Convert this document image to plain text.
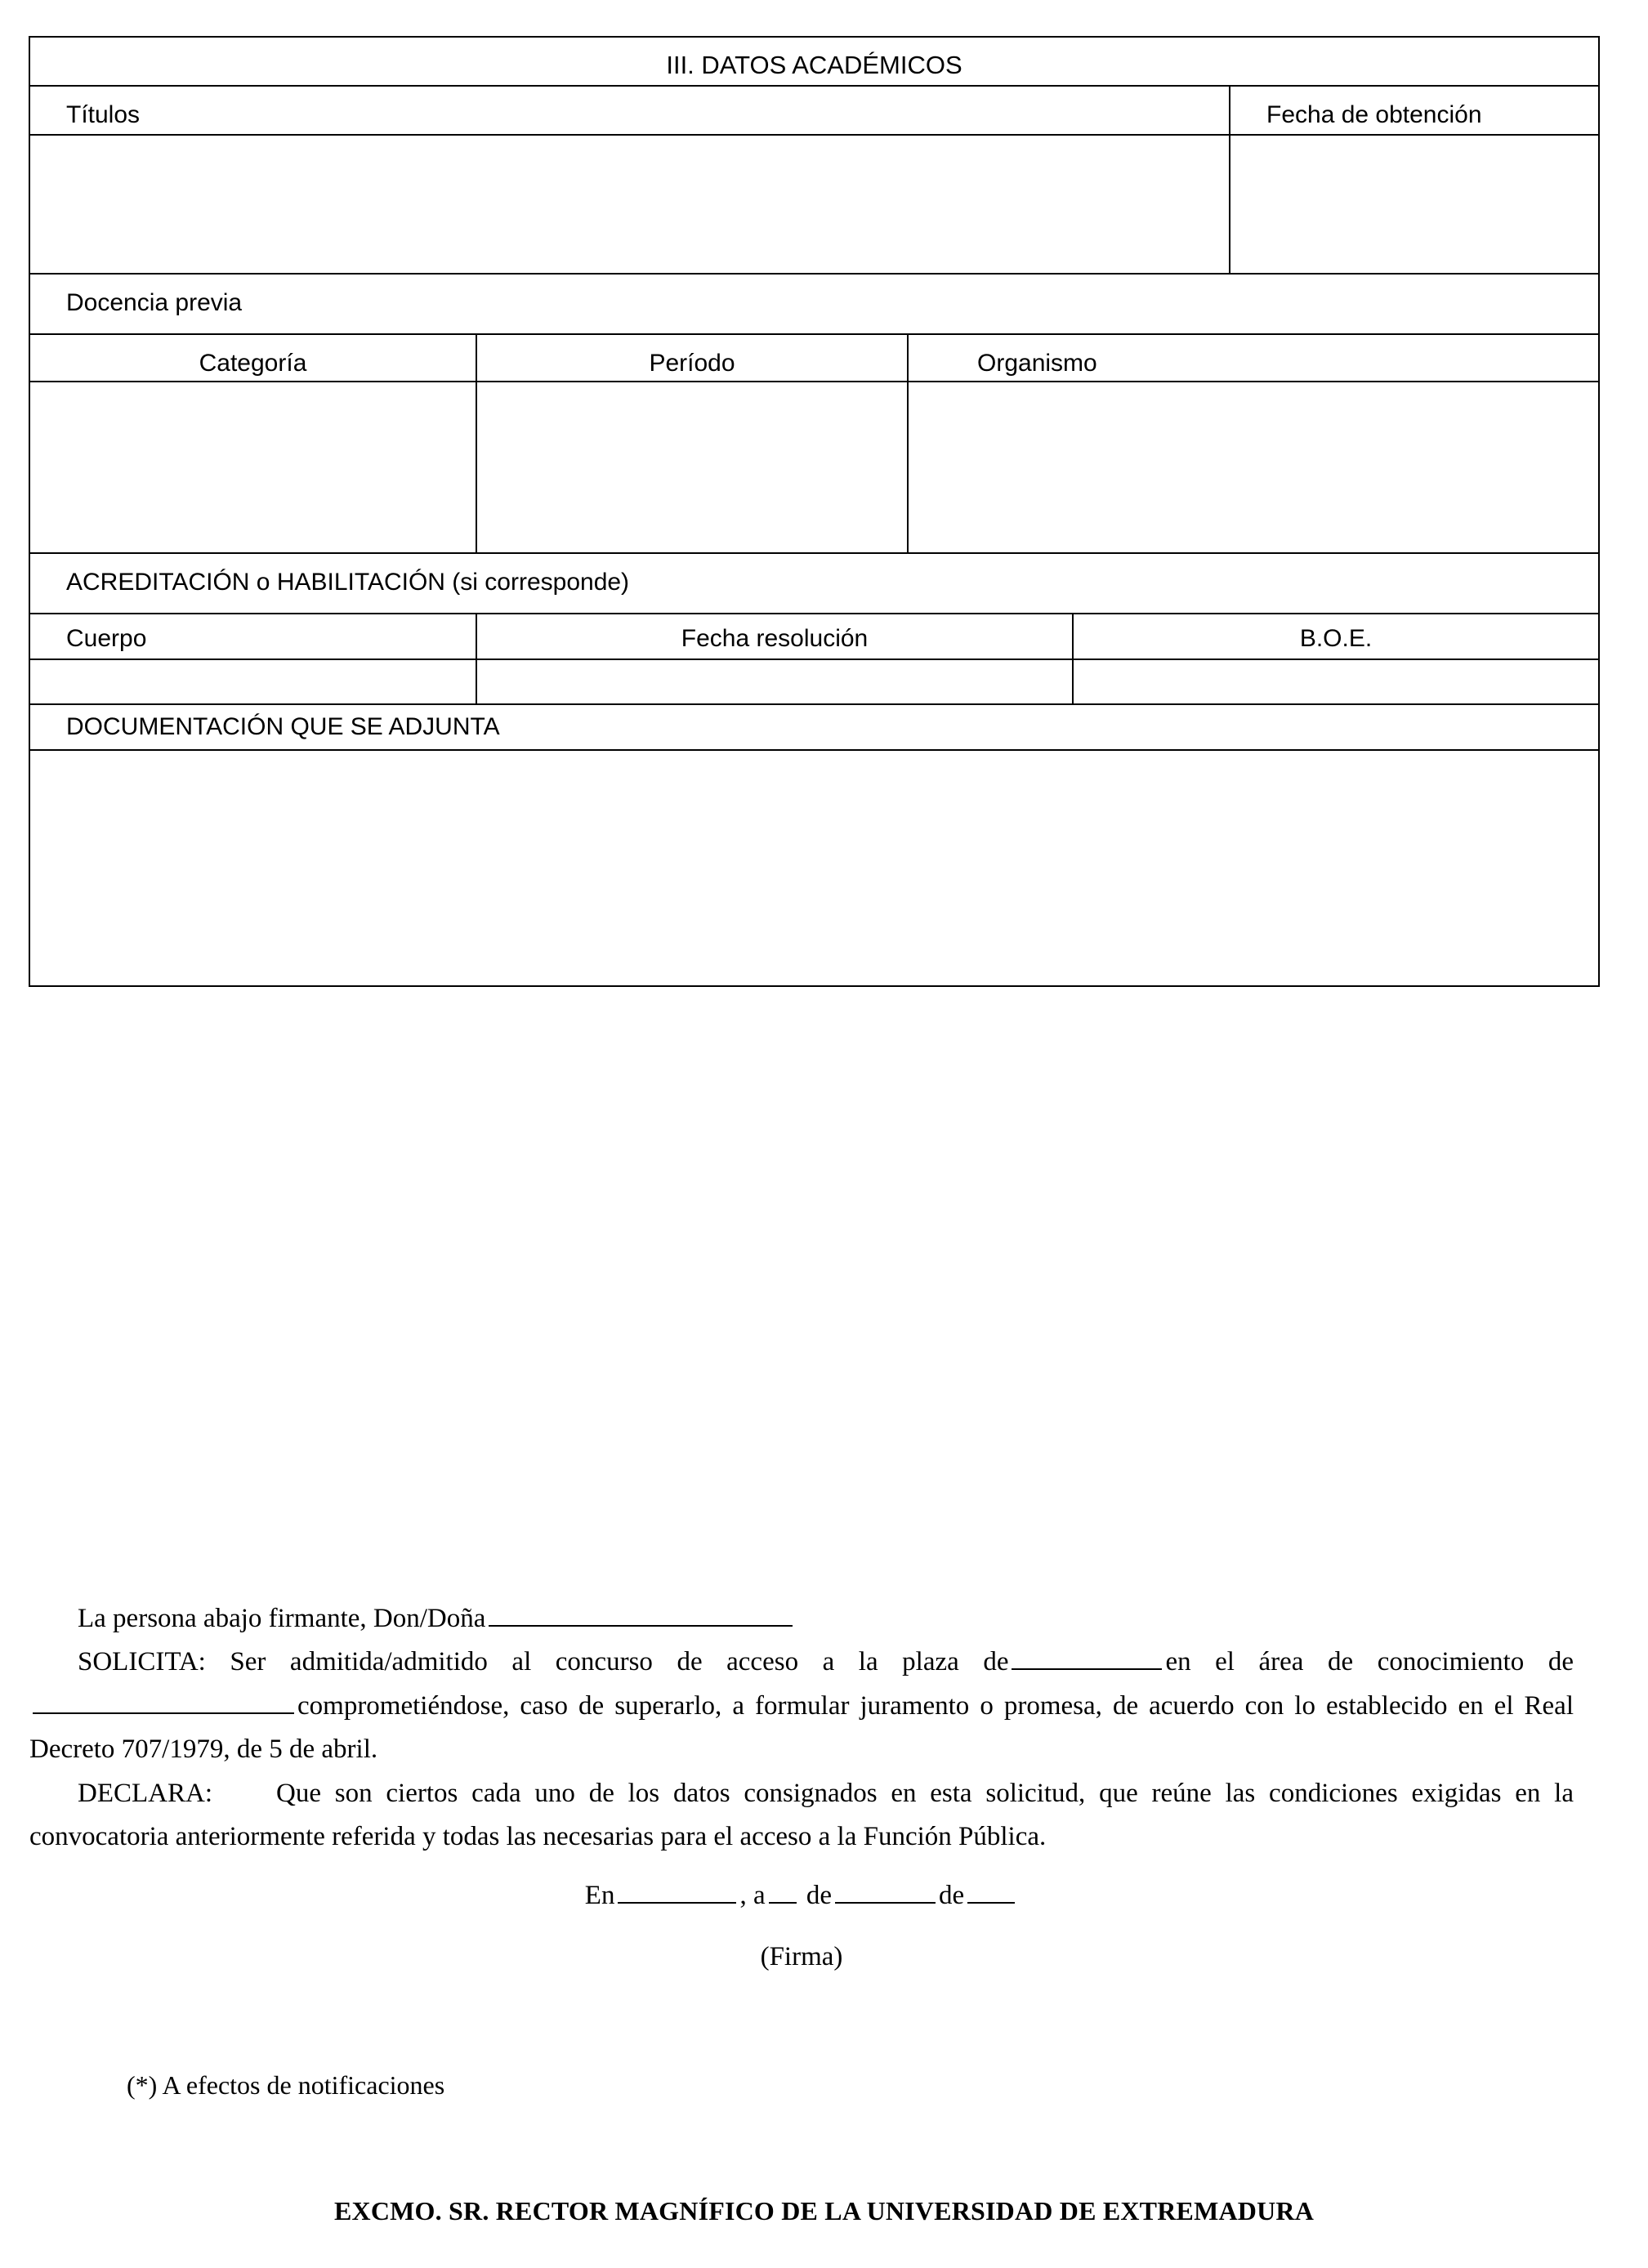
III. DATOS ACADÉMICOS				

Títulos				Fecha de obtención

Docencia previa				

Categoría	Período	Organismo		

ACREDITACIÓN o HABILITACIÓN (si corresponde)				

Cuerpo	Fecha resolución		B.O.E.	

DOCUMENTACIÓN QUE SE ADJUNTA				

La persona abajo firmante, Don/Doña

SOLICITA: Ser admitida/admitido al concurso de acceso a la plaza de	en el área de conocimiento decomprometiéndose, caso de superarlo, a formular juramento o promesa, de acuerdo con lo establecido en el Real Decreto 707/1979, de 5 de abril.

DECLARA: Que son ciertos cada uno de los datos consignados en esta solicitud, que reúne las condiciones exigidas en la convocatoria anteriormente referida y todas las necesarias para el acceso a la Función Pública.

En	, a de	de

(Firma)

(*) A efectos de notificaciones
EXCMO. SR. RECTOR MAGNÍFICO DE LA UNIVERSIDAD DE EXTREMADURA
